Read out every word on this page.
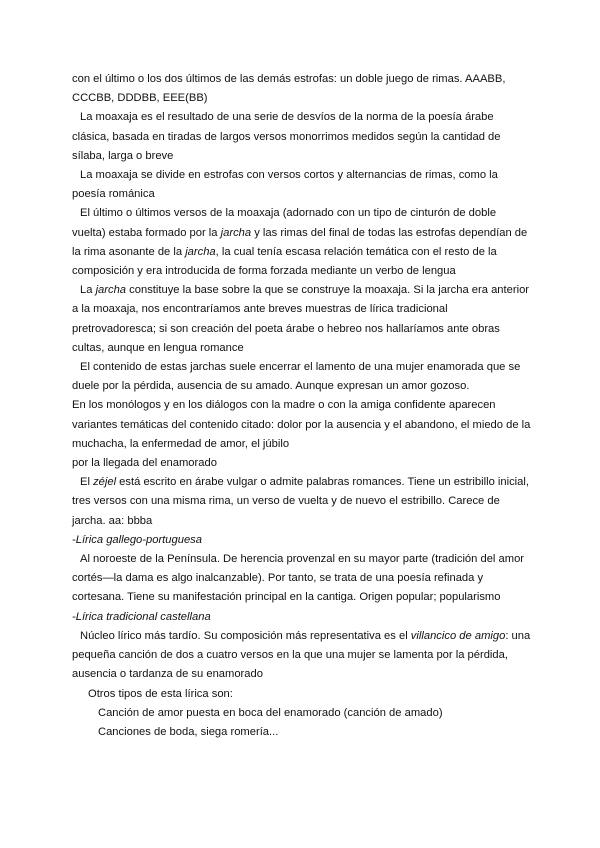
con el último o los dos últimos de las demás estrofas: un doble juego de rimas. AAABB, CCCBB, DDDBB, EEE(BB)

La moaxaja es el resultado de una serie de desvíos de la norma de la poesía árabe clásica, basada en tiradas de largos versos monorrimos medidos según la cantidad de sílaba, larga o breve

La moaxaja se divide en estrofas con versos cortos y alternancias de rimas, como la poesía románica

El último o últimos versos de la moaxaja (adornado con un tipo de cinturón de doble vuelta) estaba formado por la jarcha y las rimas del final de todas las estrofas dependían de la rima asonante de la jarcha, la cual tenía escasa relación temática con el resto de la composición y era introducida de forma forzada mediante un verbo de lengua

La jarcha constituye la base sobre la que se construye la moaxaja. Si la jarcha era anterior a la moaxaja, nos encontraríamos ante breves muestras de lírica tradicional pretrovadoresca; si son creación del poeta árabe o hebreo nos hallaríamos ante obras cultas, aunque en lengua romance

El contenido de estas jarchas suele encerrar el lamento de una mujer enamorada que se duele por la pérdida, ausencia de su amado. Aunque expresan un amor gozoso.

En los monólogos y en los diálogos con la madre o con la amiga confidente aparecen variantes temáticas del contenido citado: dolor por la ausencia y el abandono, el miedo de la muchacha, la enfermedad de amor, el júbilo

por la llegada del enamorado

El zéjel está escrito en árabe vulgar o admite palabras romances. Tiene un estribillo inicial, tres versos con una misma rima, un verso de vuelta y de nuevo el estribillo. Carece de jarcha. aa: bbba

-Lírica gallego-portuguesa

Al noroeste de la Península. De herencia provenzal en su mayor parte (tradición del amor cortés—la dama es algo inalcanzable). Por tanto, se trata de una poesía refinada y cortesana. Tiene su manifestación principal en la cantiga. Origen popular; popularismo

-Lírica tradicional castellana

Núcleo lírico más tardío. Su composición más representativa es el villancico de amigo: una pequeña canción de dos a cuatro versos en la que una mujer se lamenta por la pérdida, ausencia o tardanza de su enamorado

Otros tipos de esta lírica son:

Canción de amor puesta en boca del enamorado (canción de amado)

Canciones de boda, siega romería...
